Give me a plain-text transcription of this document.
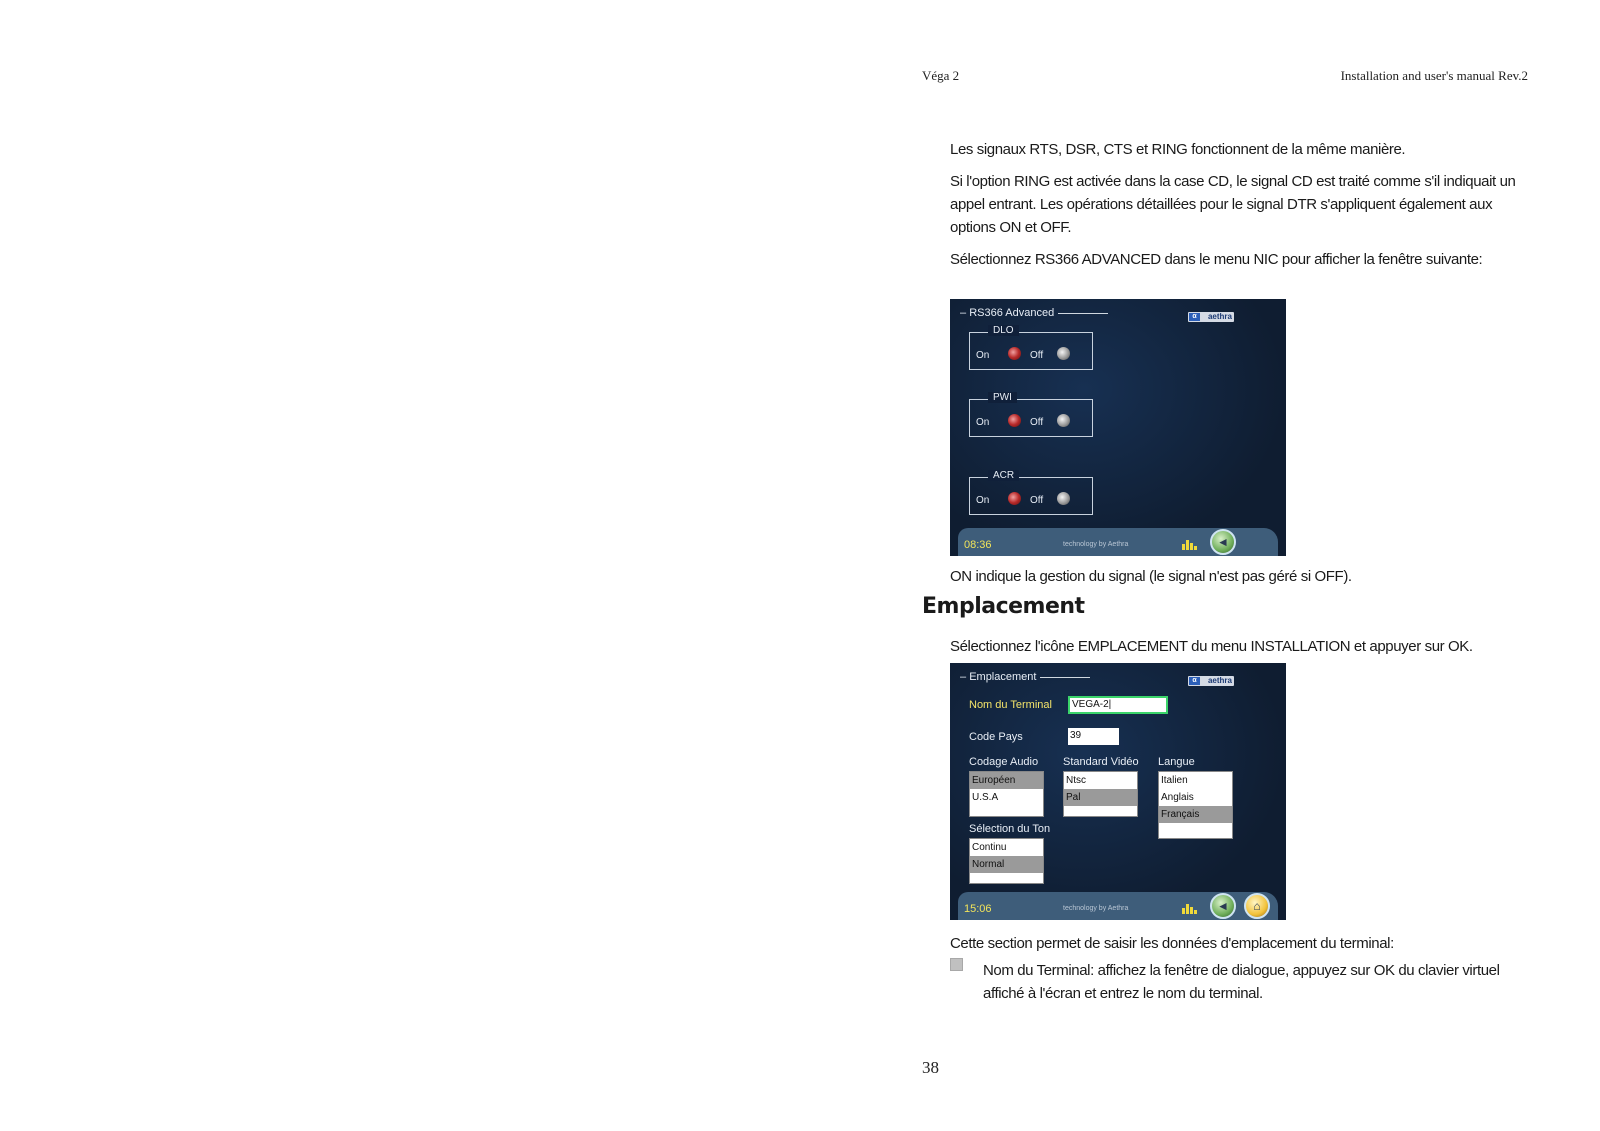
Véga 2	Installation and user's manual Rev.2
Les signaux RTS, DSR, CTS et RING fonctionnent de la même manière.
Si l'option RING est activée dans la case CD, le signal CD est traité comme s'il indiquait un appel entrant. Les opérations détaillées pour le signal DTR s'appliquent également aux options ON et OFF.
Sélectionnez RS366 ADVANCED dans le menu NIC pour afficher la fenêtre suivante:
– RS366 Advanced	α	aethra
DLO
On	Off
PWI
On	Off
ACR
On	Off
08:36	technology by Aethra	◄
ON indique la gestion du signal (le signal n'est pas géré si OFF).
Emplacement
Sélectionnez l'icône EMPLACEMENT du menu INSTALLATION et appuyer sur OK.
– Emplacement	α	aethra
Nom du Terminal	VEGA-2|
Code Pays	39
Codage Audio
Européen
U.S.A
Standard Vidéo
Ntsc
Pal
Langue
Italien
Anglais
Français
Sélection du Ton
Continu
Normal
15:06	technology by Aethra	◄	⌂
Cette section permet de saisir les données d'emplacement du terminal:
Nom du Terminal: affichez la fenêtre de dialogue, appuyez sur OK du clavier virtuel affiché à l'écran et entrez le nom du terminal.
38
